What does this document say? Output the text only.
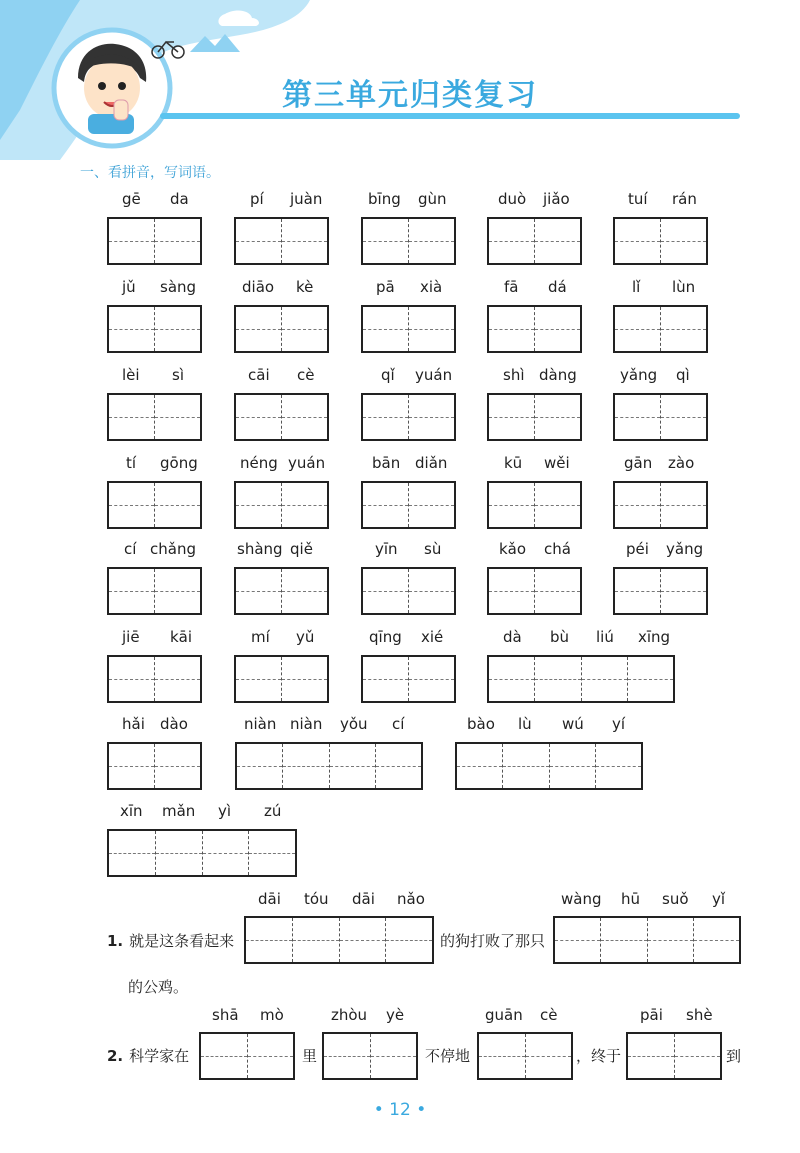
第三单元归类复习
一、看拼音，写词语。
gē da	pí juàn	bīng gùn	duò jiǎo	tuí rán
jǔ sàng	diāo kè	pā xià	fā dá	lǐ lùn
lèi sì	cāi cè	qǐ yuán	shì dàng	yǎng qì
tí gōng	néng yuán	bān diǎn	kū wěi	gān zào
cí chǎng	shàng qiě	yīn sù	kǎo chá	péi yǎng
jiē kāi	mí yǔ	qīng xié	dà bù liú xīng
hǎi dào	niàn niàn yǒu cí	bào lù wú yí
xīn mǎn yì zú
dāi tóu dāi nǎo	wàng hū suǒ yǐ
1. 就是这条看起来	的狗打败了那只
的公鸡。
shā mò	zhòu yè	guān cè	pāi shè
2. 科学家在	里	不停地	，终于	到
• 12 •
